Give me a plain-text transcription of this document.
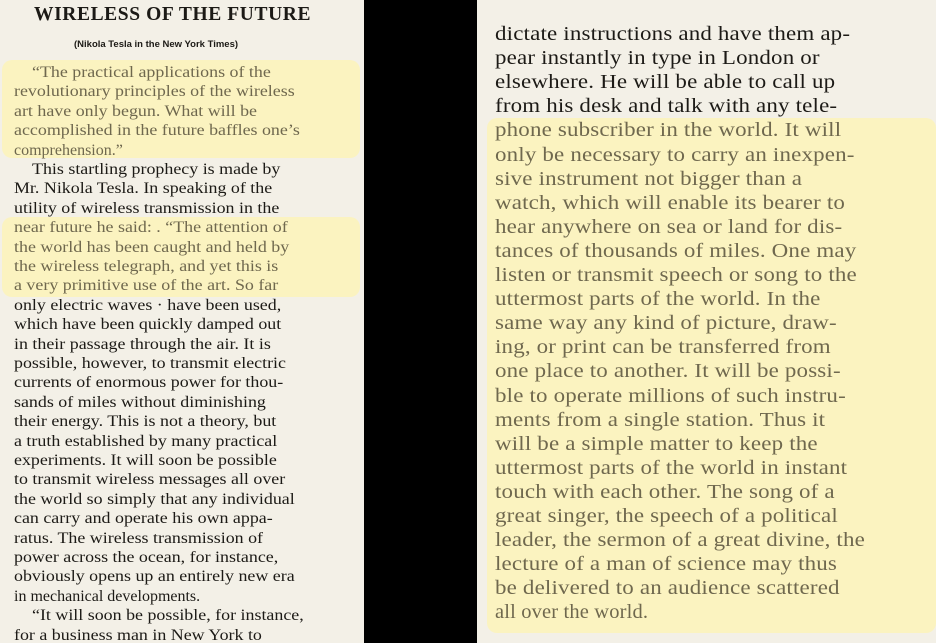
WIRELESS OF THE FUTURE
(Nikola Tesla in the New York Times)
“The practical applications of the
revolutionary principles of the wireless
art have only begun. What will be
accomplished in the future baffles one’s
comprehension.”
This startling prophecy is made by
Mr. Nikola Tesla. In speaking of the
utility of wireless transmission in the
near future he said: . “The attention of
the world has been caught and held by
the wireless telegraph, and yet this is
a very primitive use of the art. So far
only electric waves · have been used,
which have been quickly damped out
in their passage through the air. It is
possible, however, to transmit electric
currents of enormous power for thou-
sands of miles without diminishing
their energy. This is not a theory, but
a truth established by many practical
experiments. It will soon be possible
to transmit wireless messages all over
the world so simply that any individual
can carry and operate his own appa-
ratus. The wireless transmission of
power across the ocean, for instance,
obviously opens up an entirely new era
in mechanical developments.
“It will soon be possible, for instance,
for a business man in New York to
dictate instructions and have them ap-
pear instantly in type in London or
elsewhere. He will be able to call up
from his desk and talk with any tele-
phone subscriber in the world. It will
only be necessary to carry an inexpen-
sive instrument not bigger than a
watch, which will enable its bearer to
hear anywhere on sea or land for dis-
tances of thousands of miles. One may
listen or transmit speech or song to the
uttermost parts of the world. In the
same way any kind of picture, draw-
ing, or print can be transferred from
one place to another. It will be possi-
ble to operate millions of such instru-
ments from a single station. Thus it
will be a simple matter to keep the
uttermost parts of the world in instant
touch with each other. The song of a
great singer, the speech of a political
leader, the sermon of a great divine, the
lecture of a man of science may thus
be delivered to an audience scattered
all over the world.
